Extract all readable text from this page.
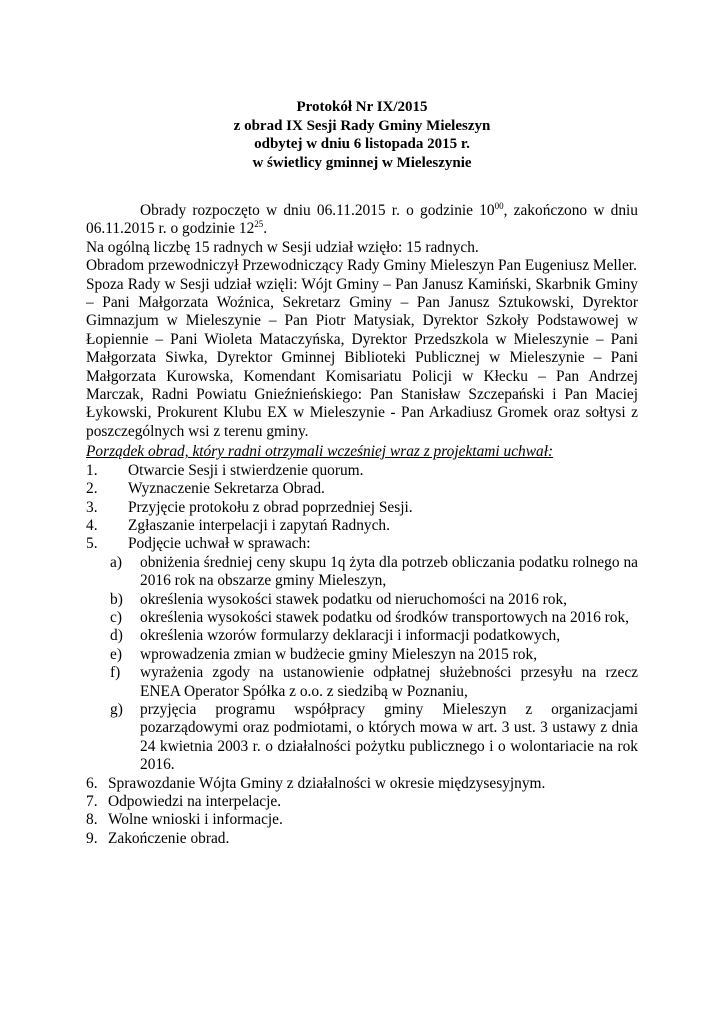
Protokół Nr IX/2015
z obrad IX Sesji Rady Gminy Mieleszyn
odbytej w dniu 6 listopada 2015 r.
w świetlicy gminnej w Mieleszynie
Obrady rozpoczęto w dniu 06.11.2015 r. o godzinie $10^{00}$, zakończono w dniu 06.11.2015 r. o godzinie $12^{25}$.
Na ogólną liczbę 15 radnych w Sesji udział wzięło: 15 radnych.
Obradom przewodniczył Przewodniczący Rady Gminy Mieleszyn Pan Eugeniusz Meller.
Spoza Rady w Sesji udział wzięli: Wójt Gminy – Pan Janusz Kamiński, Skarbnik Gminy – Pani Małgorzata Woźnica, Sekretarz Gminy – Pan Janusz Sztukowski, Dyrektor Gimnazjum w Mieleszynie – Pan Piotr Matysiak, Dyrektor Szkoły Podstawowej w Łopiennie – Pani Wioleta Mataczyńska, Dyrektor Przedszkola w Mieleszynie – Pani Małgorzata Siwka, Dyrektor Gminnej Biblioteki Publicznej w Mieleszynie – Pani Małgorzata Kurowska, Komendant Komisariatu Policji w Kłecku – Pan Andrzej Marczak, Radni Powiatu Gnieźnieńskiego: Pan Stanisław Szczepański i Pan Maciej Łykowski, Prokurent Klubu EX w Mieleszynie - Pan Arkadiusz Gromek oraz sołtysi z poszczególnych wsi z terenu gminy.
Porządek obrad, który radni otrzymali wcześniej wraz z projektami uchwał:
1.	Otwarcie Sesji i stwierdzenie quorum.
2.	Wyznaczenie Sekretarza Obrad.
3.	Przyjęcie protokołu z obrad poprzedniej Sesji.
4.	Zgłaszanie interpelacji i zapytań Radnych.
5.	Podjęcie uchwał w sprawach:
a)	obniżenia średniej ceny skupu 1q żyta dla potrzeb obliczania podatku rolnego na 2016 rok na obszarze gminy Mieleszyn,
b)	określenia wysokości stawek podatku od nieruchomości na 2016 rok,
c)	określenia wysokości stawek podatku od środków transportowych na 2016 rok,
d)	określenia wzorów formularzy deklaracji i informacji podatkowych,
e)	wprowadzenia zmian w budżecie gminy Mieleszyn na 2015 rok,
f)	wyrażenia zgody na ustanowienie odpłatnej służebności przesyłu na rzecz ENEA Operator Spółka z o.o. z siedzibą w Poznaniu,
g)	przyjęcia programu współpracy gminy Mieleszyn z organizacjami pozarządowymi oraz podmiotami, o których mowa w art. 3 ust. 3 ustawy z dnia 24 kwietnia 2003 r. o działalności pożytku publicznego i o wolontariacie na rok 2016.
6. Sprawozdanie Wójta Gminy z działalności w okresie międzysesyjnym.
7. Odpowiedzi na interpelacje.
8. Wolne wnioski i informacje.
9. Zakończenie obrad.
